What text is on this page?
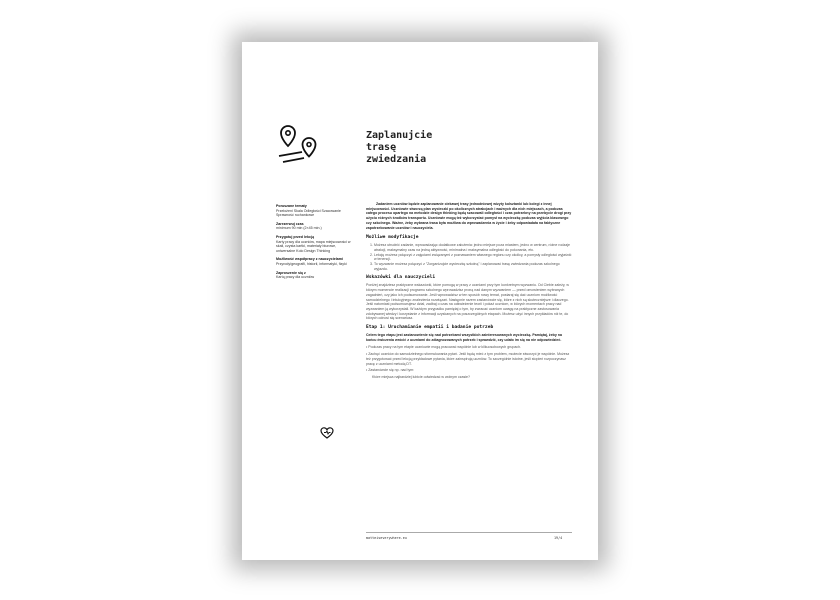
Zaplanujcie
trasę
zwiedzania
Poruszane tematy
Przełożeni Skala Odległości Szacowanie Sprawność ruchankowe
Zarezerwuj czas
minimum 90 min (2×45 min.)
Przygotuj przed lekcją
Karty pracy dla uczniów, mapa miejscowości w skali, czysta kartki, materiały biurowe, uniwersalne Kolo Design Thinking
Możliwość współpracy z nauczycielami
Przyrody/geografii, historii, informatyki, fizyki
Zaproszenie się z
Kartą pracy dla uczniów

Zadaniem uczniów będzie zaplanowanie ciekawej trasy jednodniowej wizyty kolsztanki lub kolegi z innej miejscowości. Uczniowie stworzą plan wycieczki po okolicznych atrakcjach i ważnych dla nich miejscach, a podczas całego procesu oparłego na metodzie design thinking będą szacowali odległości i czas potrzebny na przebycie drogi przy użyciu różnych środków transportu. Uczniowie mogą też wykorzystać pomysł na wycieczkę podczas wyjścia klasowego czy szkolnego. Ważne, żeby wybrana trasa była możliwa do wprowadzenia w życie i żeby odpowiadała na faktyczne zapotrzebowanie uczniów i nauczyciela.

Możliwe modyfikacje
1. Możesz utrudnić zadanie, wprowadzając dodatkowe założenia: jedno miejsce poza miastem, jedno w centrum, różne rodzaje atrakcji, maksymalny czas na jedną aktywność, minimalna i maksymalna odległość do pokonania, etc.
2. Lekcję możesz połączyć z zajęciami związanymi z poznawaniem własnego regionu czy okolicy, a pomysły odległości wyjaśnić w tenencji.
3. To wyzwanie możesz połączyć z "Zorganizujcie wycieczkę szkolną" i zaplanować trasę zwiedzania podczas szkolnego wyjazdu.
Wskazówki dla nauczycieli

Poniżej znajdziesz praktyczne wskazówki, które pomogą w pracy z uczniami przy tym konkretnym wyzwaniu. Od Ciebie zależy, w którym momencie realizacji programu szkolnego wprowadzisz proną nad danym wyzwaniem — przed omowieniem wybranych zagadnień, czy jako ich podsumowanie. Jeśli wprowadzisz w ten sposób nowy temat, postaraj się dać uczniom możliwość samodzielnego i intuicyjnego znalezienia rozwiązań. Następnie razem zastanówcie się, które z nich są skuteczniejsze i dlaczego. Jeśli natomiast podsumowujesz dział, zadbaj o czas na odświeżenie teorii i pokaż uczniom, w których momentach pracy nad wyzwaniem ją wykorzystali. W każdym przypadku pamiętaj o tym, by zwracać uczniom uwagę na praktyczne zastosowania zdobywanej wiedzy i korzystanie z informacji uzyskanych na poszczególnych etapach. Możesz użyć innych przykładów niż te, do których odnosi się scenariusz.

Etap 1: Uruchamianie empatii i badanie potrzeb

Celem tego etapu jest zastanowienie się nad potrzebami wszystkich zainteresowanych wycieczką. Pamiętaj, żeby na końcu ćwiczenia wrócić z uczniami do zdiagnozowanych potrzeb i sprawdzić, czy udało im się na nie odpowiedzieć.

• Podczas pracy na tym etapie uczniowie mogą pracować wspólnie lub w kilkuosobowych grupach.
• Zachęć uczniów do samodzielnego sformułowania pytań. Jeśli będą mieć z tym problem, możecie stworzyć je wspólnie. Możesz też przygotować przed lekcją przykładowe pytania, które zainspirują uczniów. To szczególnie istotne, jeśli stopień rozpoczynasz pracę z uczniami metodą DT.
• Zastanówcie się np. nad tym:
Które miejsca najbardziej lubicie odwiedzać w wolnym czasie?
matteiseverywhere.eu	19/4
